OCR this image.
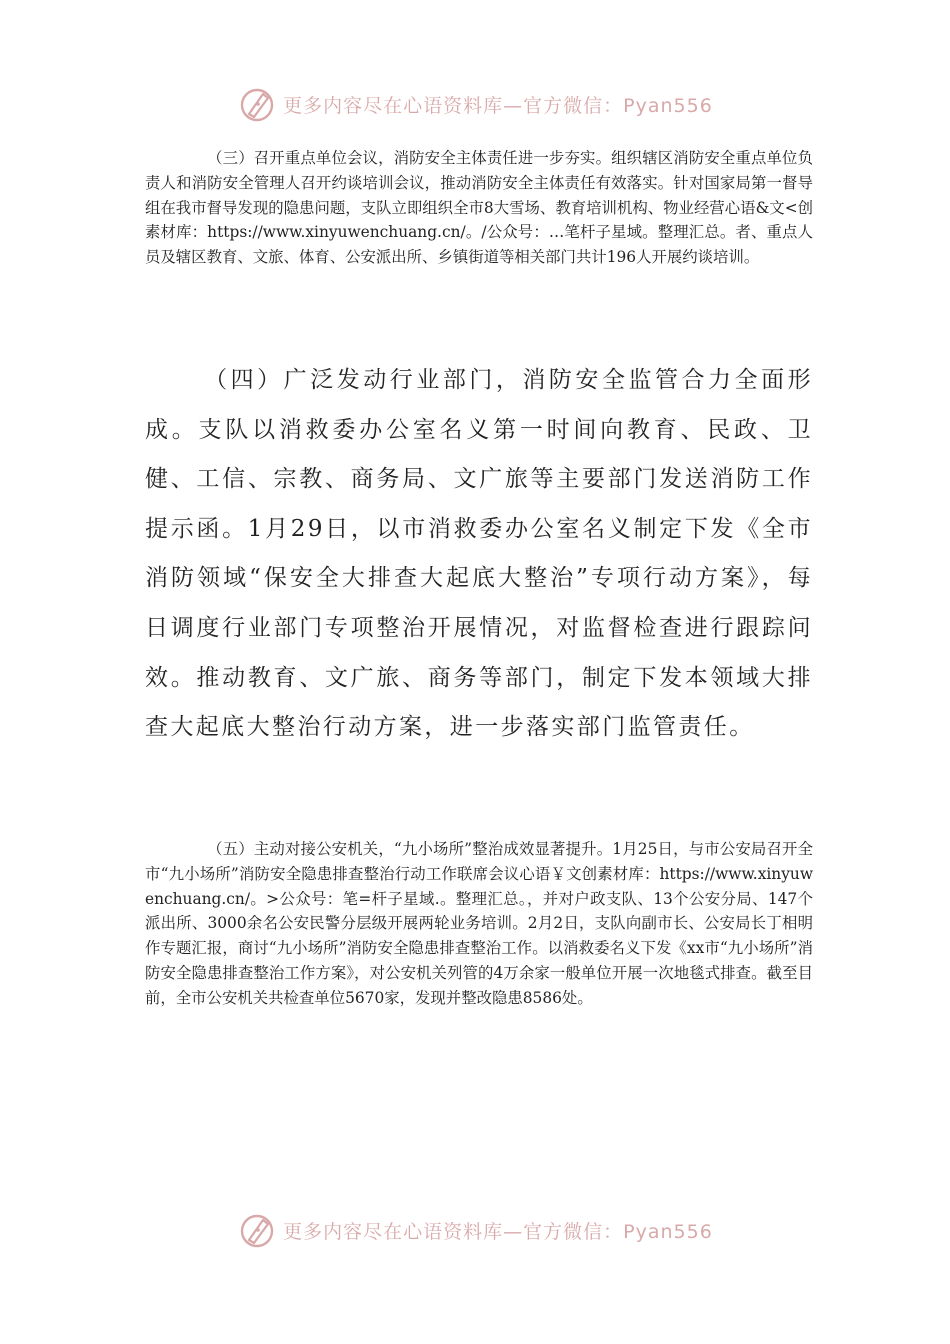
更多内容尽在心语资料库—官方微信：Pyan556

（三）召开重点单位会议，消防安全主体责任进一步夯实。组织辖区消防安全重点单位负责人和消防安全管理人召开约谈培训会议，推动消防安全主体责任有效落实。针对国家局第一督导组在我市督导发现的隐患问题，支队立即组织全市8大雪场、教育培训机构、物业经营心语&文<创素材库：https://www.xinyuwenchuang.cn/。/公众号：…笔杆子星域。整理汇总。者、重点人员及辖区教育、文旅、体育、公安派出所、乡镇街道等相关部门共计196人开展约谈培训。

（四）广泛发动行业部门，消防安全监管合力全面形成。支队以消救委办公室名义第一时间向教育、民政、卫健、工信、宗教、商务局、文广旅等主要部门发送消防工作提示函。1月29日，以市消救委办公室名义制定下发《全市消防领域“保安全大排查大起底大整治”专项行动方案》，每日调度行业部门专项整治开展情况，对监督检查进行跟踪问效。推动教育、文广旅、商务等部门，制定下发本领域大排查大起底大整治行动方案，进一步落实部门监管责任。

（五）主动对接公安机关，“九小场所”整治成效显著提升。1月25日，与市公安局召开全市“九小场所”消防安全隐患排查整治行动工作联席会议心语￥文创素材库：https://www.xinyuwenchuang.cn/。>公众号：笔=杆子星域.。整理汇总。，并对户政支队、13个公安分局、147个派出所、3000余名公安民警分层级开展两轮业务培训。2月2日，支队向副市长、公安局长丁相明作专题汇报，商讨“九小场所”消防安全隐患排查整治工作。以消救委名义下发《xx市“九小场所”消防安全隐患排查整治工作方案》，对公安机关列管的4万余家一般单位开展一次地毯式排查。截至目前，全市公安机关共检查单位5670家，发现并整改隐患8586处。

更多内容尽在心语资料库—官方微信：Pyan556
